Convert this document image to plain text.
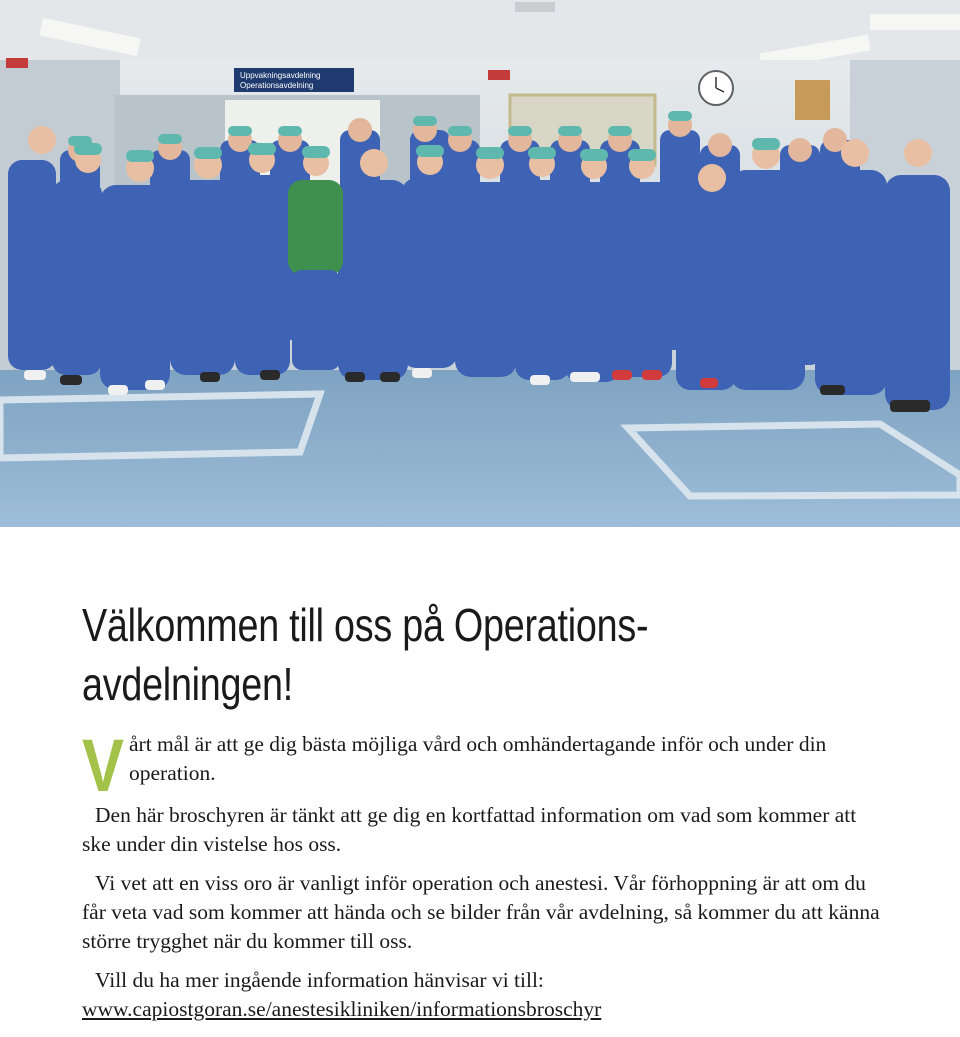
Uppvakningsavdelning
Operationsavdelning
Välkommen till oss på Operations-
avdelningen!

V årt mål är att ge dig bästa möjliga vård och omhändertagande inför och under din operation.

Den här broschyren är tänkt att ge dig en kortfattad information om vad som kommer att ske under din vistelse hos oss.

Vi vet att en viss oro är vanligt inför operation och anestesi. Vår förhoppning är att om du får veta vad som kommer att hända och se bilder från vår avdelning, så kommer du att känna större trygghet när du kommer till oss.

Vill du ha mer ingående information hänvisar vi till:
www.capiostgoran.se/anestesikliniken/informationsbroschyr
